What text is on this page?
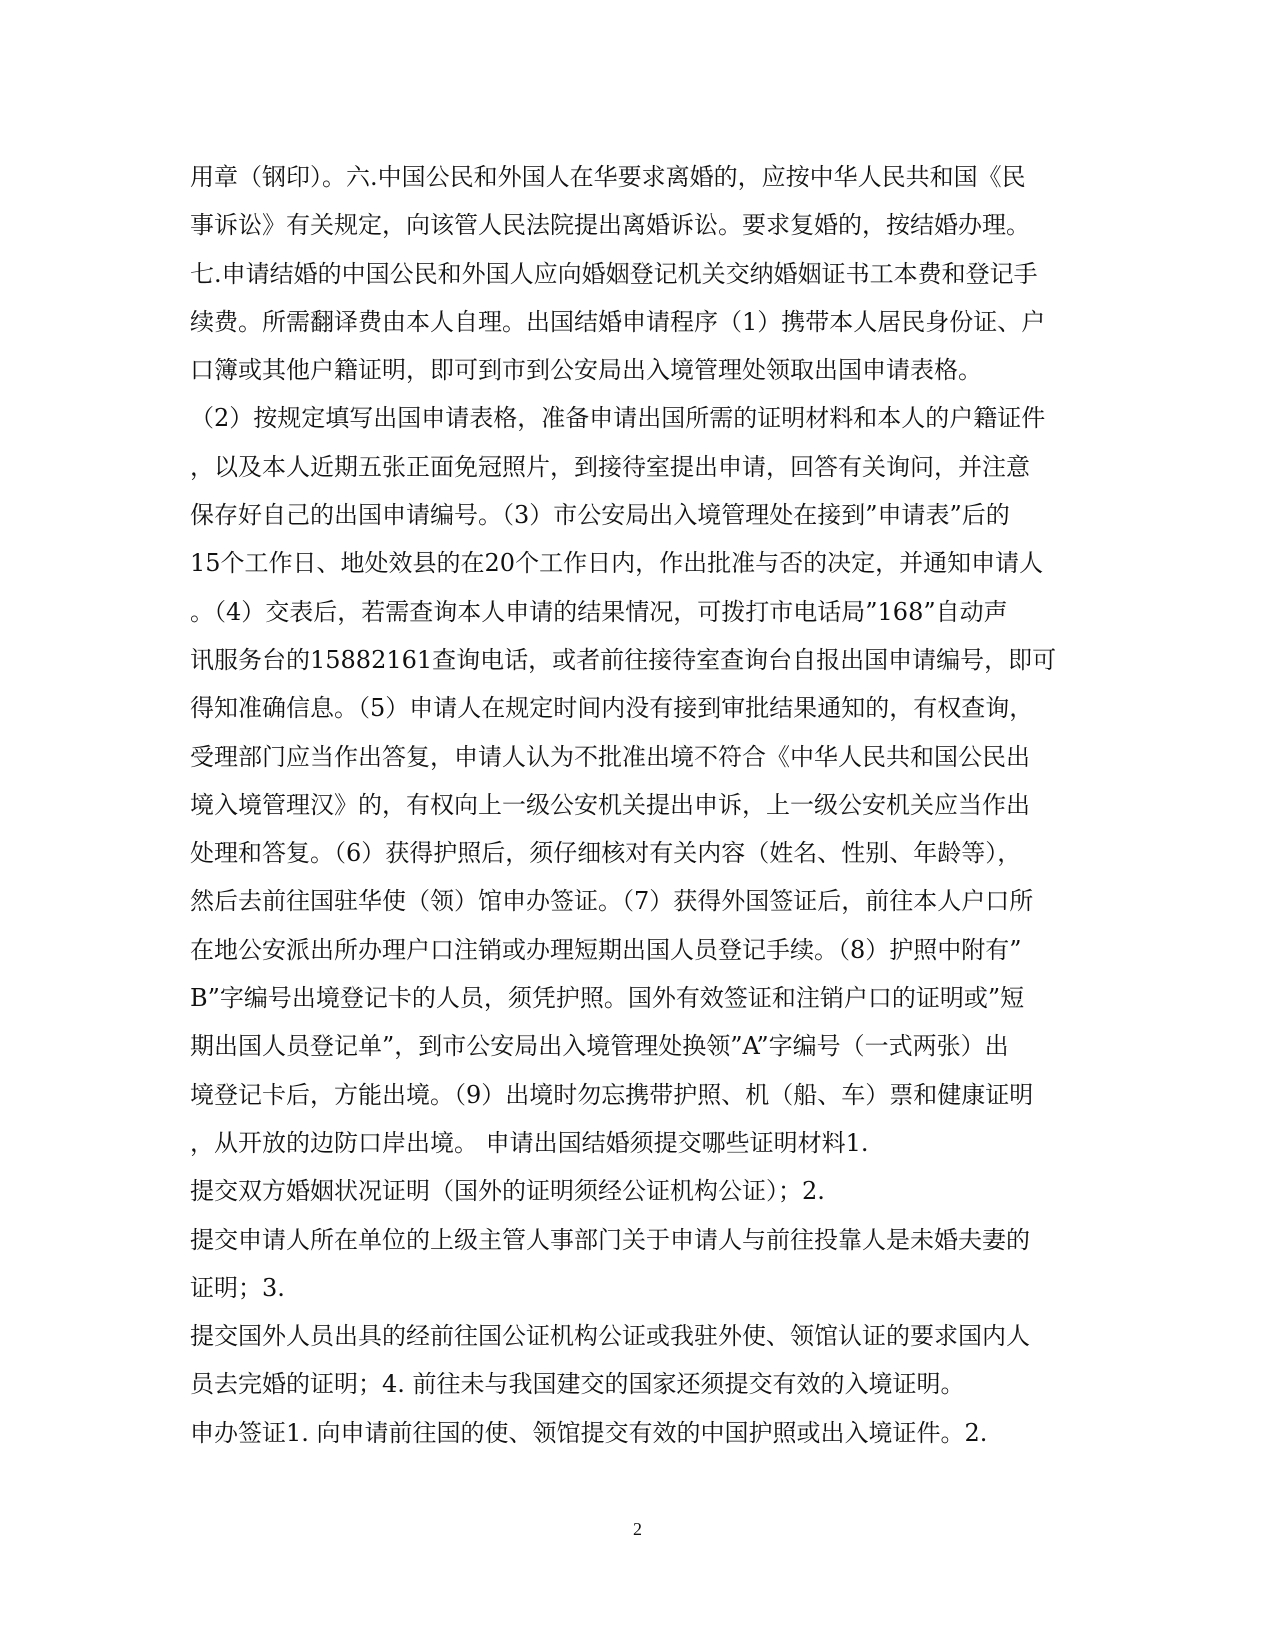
用章（钢印）。六.中国公民和外国人在华要求离婚的，应按中华人民共和国《民
事诉讼》有关规定，向该管人民法院提出离婚诉讼。要求复婚的，按结婚办理。
七.申请结婚的中国公民和外国人应向婚姻登记机关交纳婚姻证书工本费和登记手
续费。所需翻译费由本人自理。出国结婚申请程序（1）携带本人居民身份证、户
口簿或其他户籍证明，即可到市到公安局出入境管理处领取出国申请表格。
（2）按规定填写出国申请表格，准备申请出国所需的证明材料和本人的户籍证件
，以及本人近期五张正面免冠照片，到接待室提出申请，回答有关询问，并注意
保存好自己的出国申请编号。（3）市公安局出入境管理处在接到”申请表”后的
15个工作日、地处效县的在20个工作日内，作出批准与否的决定，并通知申请人
。（4）交表后，若需查询本人申请的结果情况，可拨打市电话局”168”自动声
讯服务台的15882161查询电话，或者前往接待室查询台自报出国申请编号，即可
得知准确信息。（5）申请人在规定时间内没有接到审批结果通知的，有权查询，
受理部门应当作出答复，申请人认为不批准出境不符合《中华人民共和国公民出
境入境管理汉》的，有权向上一级公安机关提出申诉，上一级公安机关应当作出
处理和答复。（6）获得护照后，须仔细核对有关内容（姓名、性别、年龄等），
然后去前往国驻华使（领）馆申办签证。（7）获得外国签证后，前往本人户口所
在地公安派出所办理户口注销或办理短期出国人员登记手续。（8）护照中附有”
B”字编号出境登记卡的人员，须凭护照。国外有效签证和注销户口的证明或”短
期出国人员登记单”，到市公安局出入境管理处换领”A”字编号（一式两张）出
境登记卡后，方能出境。（9）出境时勿忘携带护照、机（船、车）票和健康证明
，从开放的边防口岸出境。 申请出国结婚须提交哪些证明材料1.
提交双方婚姻状况证明（国外的证明须经公证机构公证）；2.
提交申请人所在单位的上级主管人事部门关于申请人与前往投靠人是未婚夫妻的
证明；3.
提交国外人员出具的经前往国公证机构公证或我驻外使、领馆认证的要求国内人
员去完婚的证明；4. 前往未与我国建交的国家还须提交有效的入境证明。
申办签证1. 向申请前往国的使、领馆提交有效的中国护照或出入境证件。2.
2
